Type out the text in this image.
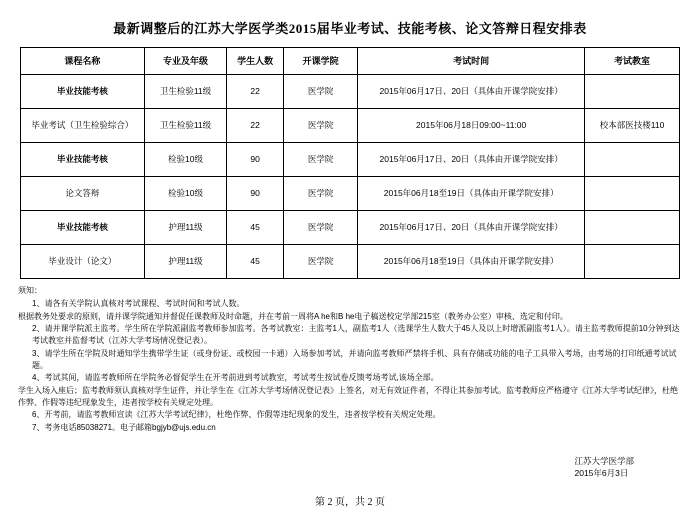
最新调整后的江苏大学医学类2015届毕业考试、技能考核、论文答辩日程安排表
课程名称	专业及年级	学生人数	开课学院	考试时间	考试教室
毕业技能考核	卫生检验11级	22	医学院	2015年06月17日、20日（具体由开课学院安排）	
毕业考试（卫生检验综合）	卫生检验11级	22	医学院	2015年06月18日09:00~11:00	校本部医技楼110
毕业技能考核	检验10级	90	医学院	2015年06月17日、20日（具体由开课学院安排）	
论文答辩	检验10级	90	医学院	2015年06月18至19日（具体由开课学院安排）	
毕业技能考核	护理11级	45	医学院	2015年06月17日、20日（具体由开课学院安排）	
毕业设计（论文）	护理11级	45	医学院	2015年06月18至19日（具体由开课学院安排）	

须知：

1、请各有关学院认真核对考试课程、考试时间和考试人数。

根据教务处要求的原则，请并课学院通知并督促任课教师及时命题，并在考前一周将A he和B he电子稿送校定学部215室（教务办公室）审核、选定和付印。

2、请并课学院派主监考。学生所在学院派副监考教师参加监考。各考试教室：主监考1人，副监考1人（选课学生人数大于45人及以上时增派副监考1人）。请主监考教师提前10分钟到达考试教室并监督考试（江苏大学考场情况登记表）。

3、请学生所在学院及时通知学生携带学生证（或身份证、或校园一卡通）入场参加考试，并请向监考教师严禁将手机、具有存储或功能的电子工具带入考场，由考场的打印纸通考试试题。

4、考试其间，请监考教师所在学院务必督促学生在开考前进到考试教室，考试考生按试卷反馈考场考试,该场全部。

学生入场入座后；监考教师须认真核对学生证件，并让学生在《江苏大学考场情况登记表》上签名，对无有效证件者，不得让其参加考试。监考教师应严格遵守《江苏大学考试纪律》，杜绝作弊、作假等违纪现象发生，违者按学校有关规定处理。

6、开考前，请监考教师宣读《江苏大学考试纪律》，杜绝作弊、作假等违纪现象的发生，违者按学校有关规定处理。

7、考务电话85038271。电子邮箱bgjyb@ujs.edu.cn

江苏大学医学部
2015年6月3日
第 2 页，共 2 页
